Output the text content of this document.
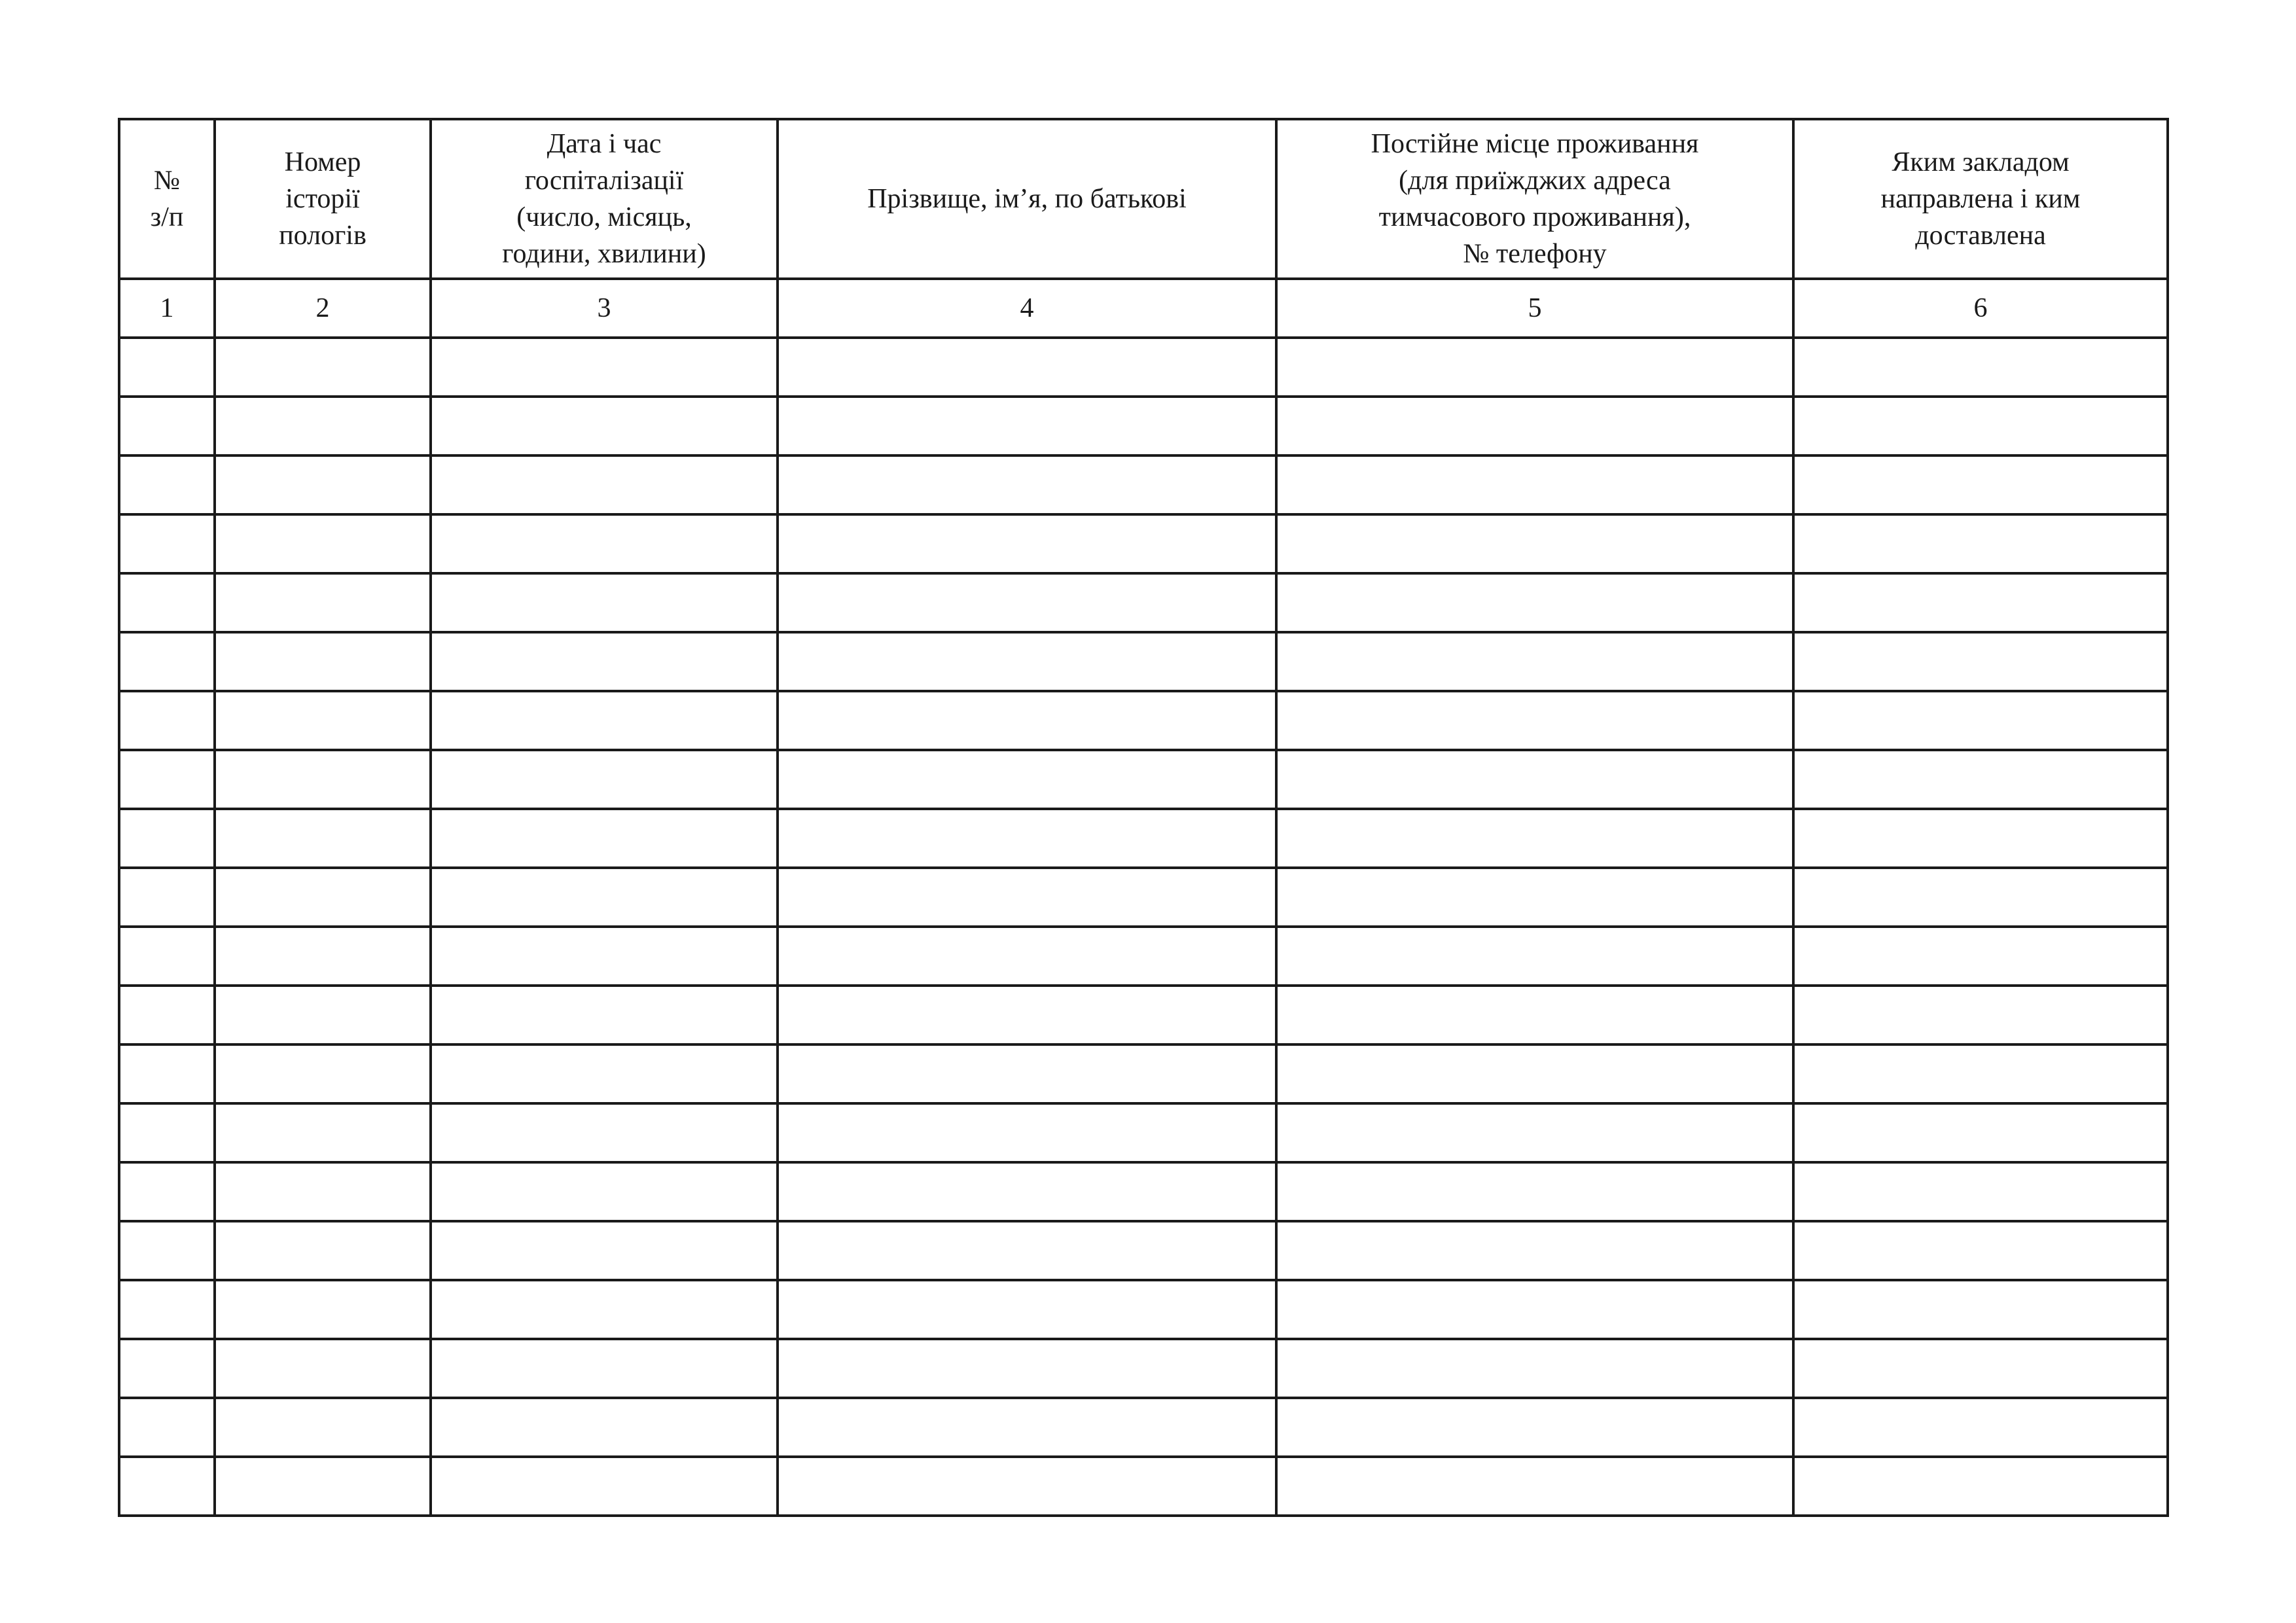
№
з/п	Номер
історії
пологів	Дата і час
госпіталізації
(число, місяць,
години, хвилини)	Прізвище, ім’я, по батькові	Постійне місце проживання
(для приїжджих адреса
тимчасового проживання),
№ телефону	Яким закладом
направлена і ким
доставлена

1	2	3	4	5	6
